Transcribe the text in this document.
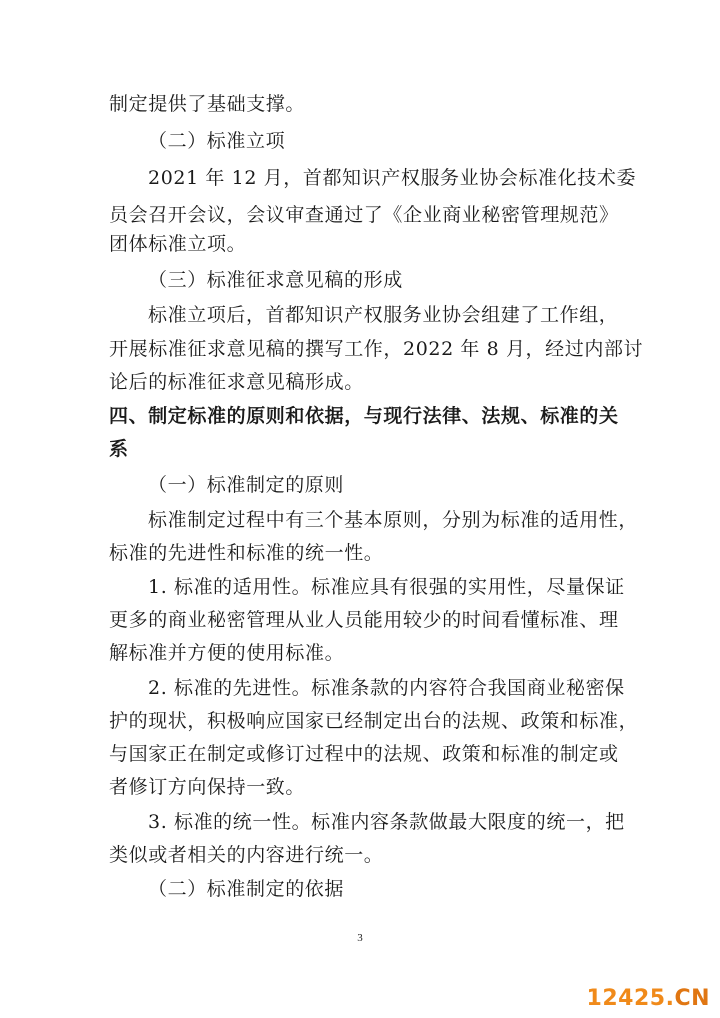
制定提供了基础支撑。
（二）标准立项
2021 年 12 月，首都知识产权服务业协会标准化技术委
员会召开会议，会议审查通过了《企业商业秘密管理规范》
团体标准立项。
（三）标准征求意见稿的形成
标准立项后，首都知识产权服务业协会组建了工作组，
开展标准征求意见稿的撰写工作，2022 年 8 月，经过内部讨
论后的标准征求意见稿形成。
四、制定标准的原则和依据，与现行法律、法规、标准的关
系
（一）标准制定的原则
标准制定过程中有三个基本原则，分别为标准的适用性，
标准的先进性和标准的统一性。
1. 标准的适用性。标准应具有很强的实用性，尽量保证
更多的商业秘密管理从业人员能用较少的时间看懂标准、理
解标准并方便的使用标准。
2. 标准的先进性。标准条款的内容符合我国商业秘密保
护的现状，积极响应国家已经制定出台的法规、政策和标准，
与国家正在制定或修订过程中的法规、政策和标准的制定或
者修订方向保持一致。
3. 标准的统一性。标准内容条款做最大限度的统一，把
类似或者相关的内容进行统一。
（二）标准制定的依据
3
12425.CN
